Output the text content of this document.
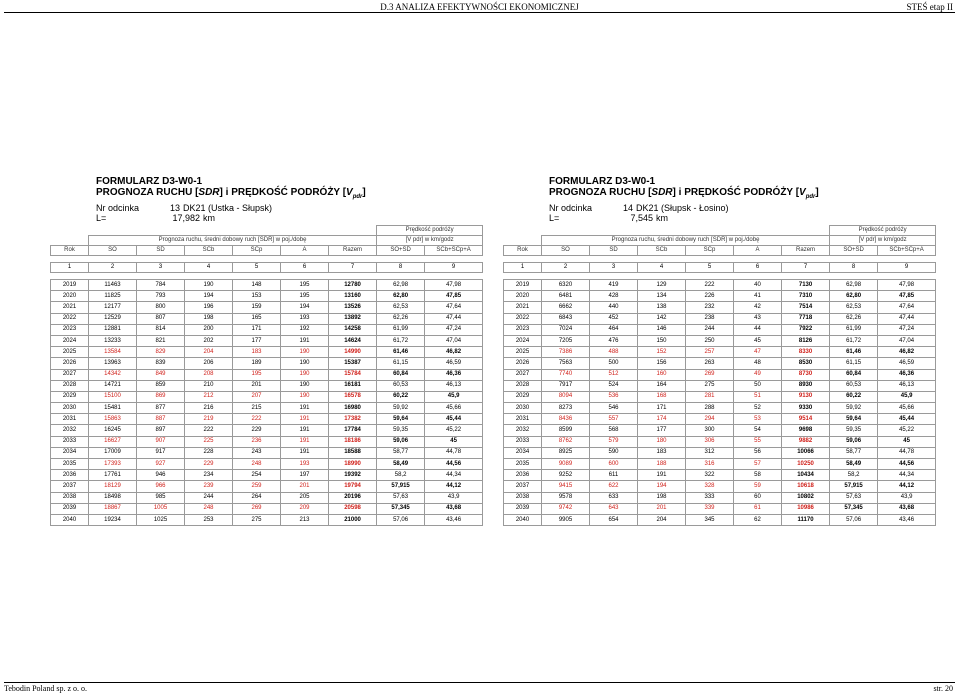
D.3 ANALIZA EFEKTYWNOŚCI EKONOMICZNEJ	STEŚ etap II
FORMULARZ D3-W0-1
PROGNOZA RUCHU [SDR] i PRĘDKOŚĆ PODRÓŻY $[V_{pdr}]$
Nr odcinka	13 DK21 (Ustka - Słupsk)
L=	17,982 km
							Prędkość podróży	
	Prognoza ruchu, średni dobowy ruch [SDR] w poj./dobę						[V pdr] w km/godz	
Rok	SO	SD	SCb	SCp	A	Razem	SO+SD	SCb+SCp+A

1	2	3	4	5	6	7	8	9

2019	11463	784	190	148	195	12780	62,98	47,98
2020	11825	793	194	153	195	13160	62,80	47,85
2021	12177	800	196	159	194	13526	62,53	47,64
2022	12529	807	198	165	193	13892	62,26	47,44
2023	12881	814	200	171	192	14258	61,99	47,24
2024	13233	821	202	177	191	14624	61,72	47,04
2025	13584	829	204	183	190	14990	61,46	46,82
2026	13963	839	206	189	190	15387	61,15	46,59
2027	14342	849	208	195	190	15784	60,84	46,36
2028	14721	859	210	201	190	16181	60,53	46,13
2029	15100	869	212	207	190	16578	60,22	45,9
2030	15481	877	216	215	191	16980	59,92	45,66
2031	15863	887	219	222	191	17382	59,64	45,44
2032	16245	897	222	229	191	17784	59,35	45,22
2033	16627	907	225	236	191	18186	59,06	45
2034	17009	917	228	243	191	18588	58,77	44,78
2035	17393	927	229	248	193	18990	58,49	44,56
2036	17761	946	234	254	197	19392	58,2	44,34
2037	18129	966	239	259	201	19794	57,915	44,12
2038	18498	985	244	264	205	20196	57,63	43,9
2039	18867	1005	248	269	209	20598	57,345	43,68
2040	19234	1025	253	275	213	21000	57,06	43,46
FORMULARZ D3-W0-1
PROGNOZA RUCHU [SDR] i PRĘDKOŚĆ PODRÓŻY $[V_{pdr}]$
Nr odcinka	14 DK21 (Słupsk - Łosino)
L=	7,545 km
							Prędkość podróży	
	Prognoza ruchu, średni dobowy ruch [SDR] w poj./dobę						[V pdr] w km/godz	
Rok	SO	SD	SCb	SCp	A	Razem	SO+SD	SCb+SCp+A

1	2	3	4	5	6	7	8	9

2019	6320	419	129	222	40	7130	62,98	47,98
2020	6481	428	134	226	41	7310	62,80	47,85
2021	6662	440	138	232	42	7514	62,53	47,64
2022	6843	452	142	238	43	7718	62,26	47,44
2023	7024	464	146	244	44	7922	61,99	47,24
2024	7205	476	150	250	45	8126	61,72	47,04
2025	7386	488	152	257	47	8330	61,46	46,82
2026	7563	500	156	263	48	8530	61,15	46,59
2027	7740	512	160	269	49	8730	60,84	46,36
2028	7917	524	164	275	50	8930	60,53	46,13
2029	8094	536	168	281	51	9130	60,22	45,9
2030	8273	546	171	288	52	9330	59,92	45,66
2031	8436	557	174	294	53	9514	59,64	45,44
2032	8599	568	177	300	54	9698	59,35	45,22
2033	8762	579	180	306	55	9882	59,06	45
2034	8925	590	183	312	56	10066	58,77	44,78
2035	9089	600	188	316	57	10250	58,49	44,56
2036	9252	611	191	322	58	10434	58,2	44,34
2037	9415	622	194	328	59	10618	57,915	44,12
2038	9578	633	198	333	60	10802	57,63	43,9
2039	9742	643	201	339	61	10986	57,345	43,68
2040	9905	654	204	345	62	11170	57,06	43,46
Tebodin Poland sp. z o. o.	str. 20
